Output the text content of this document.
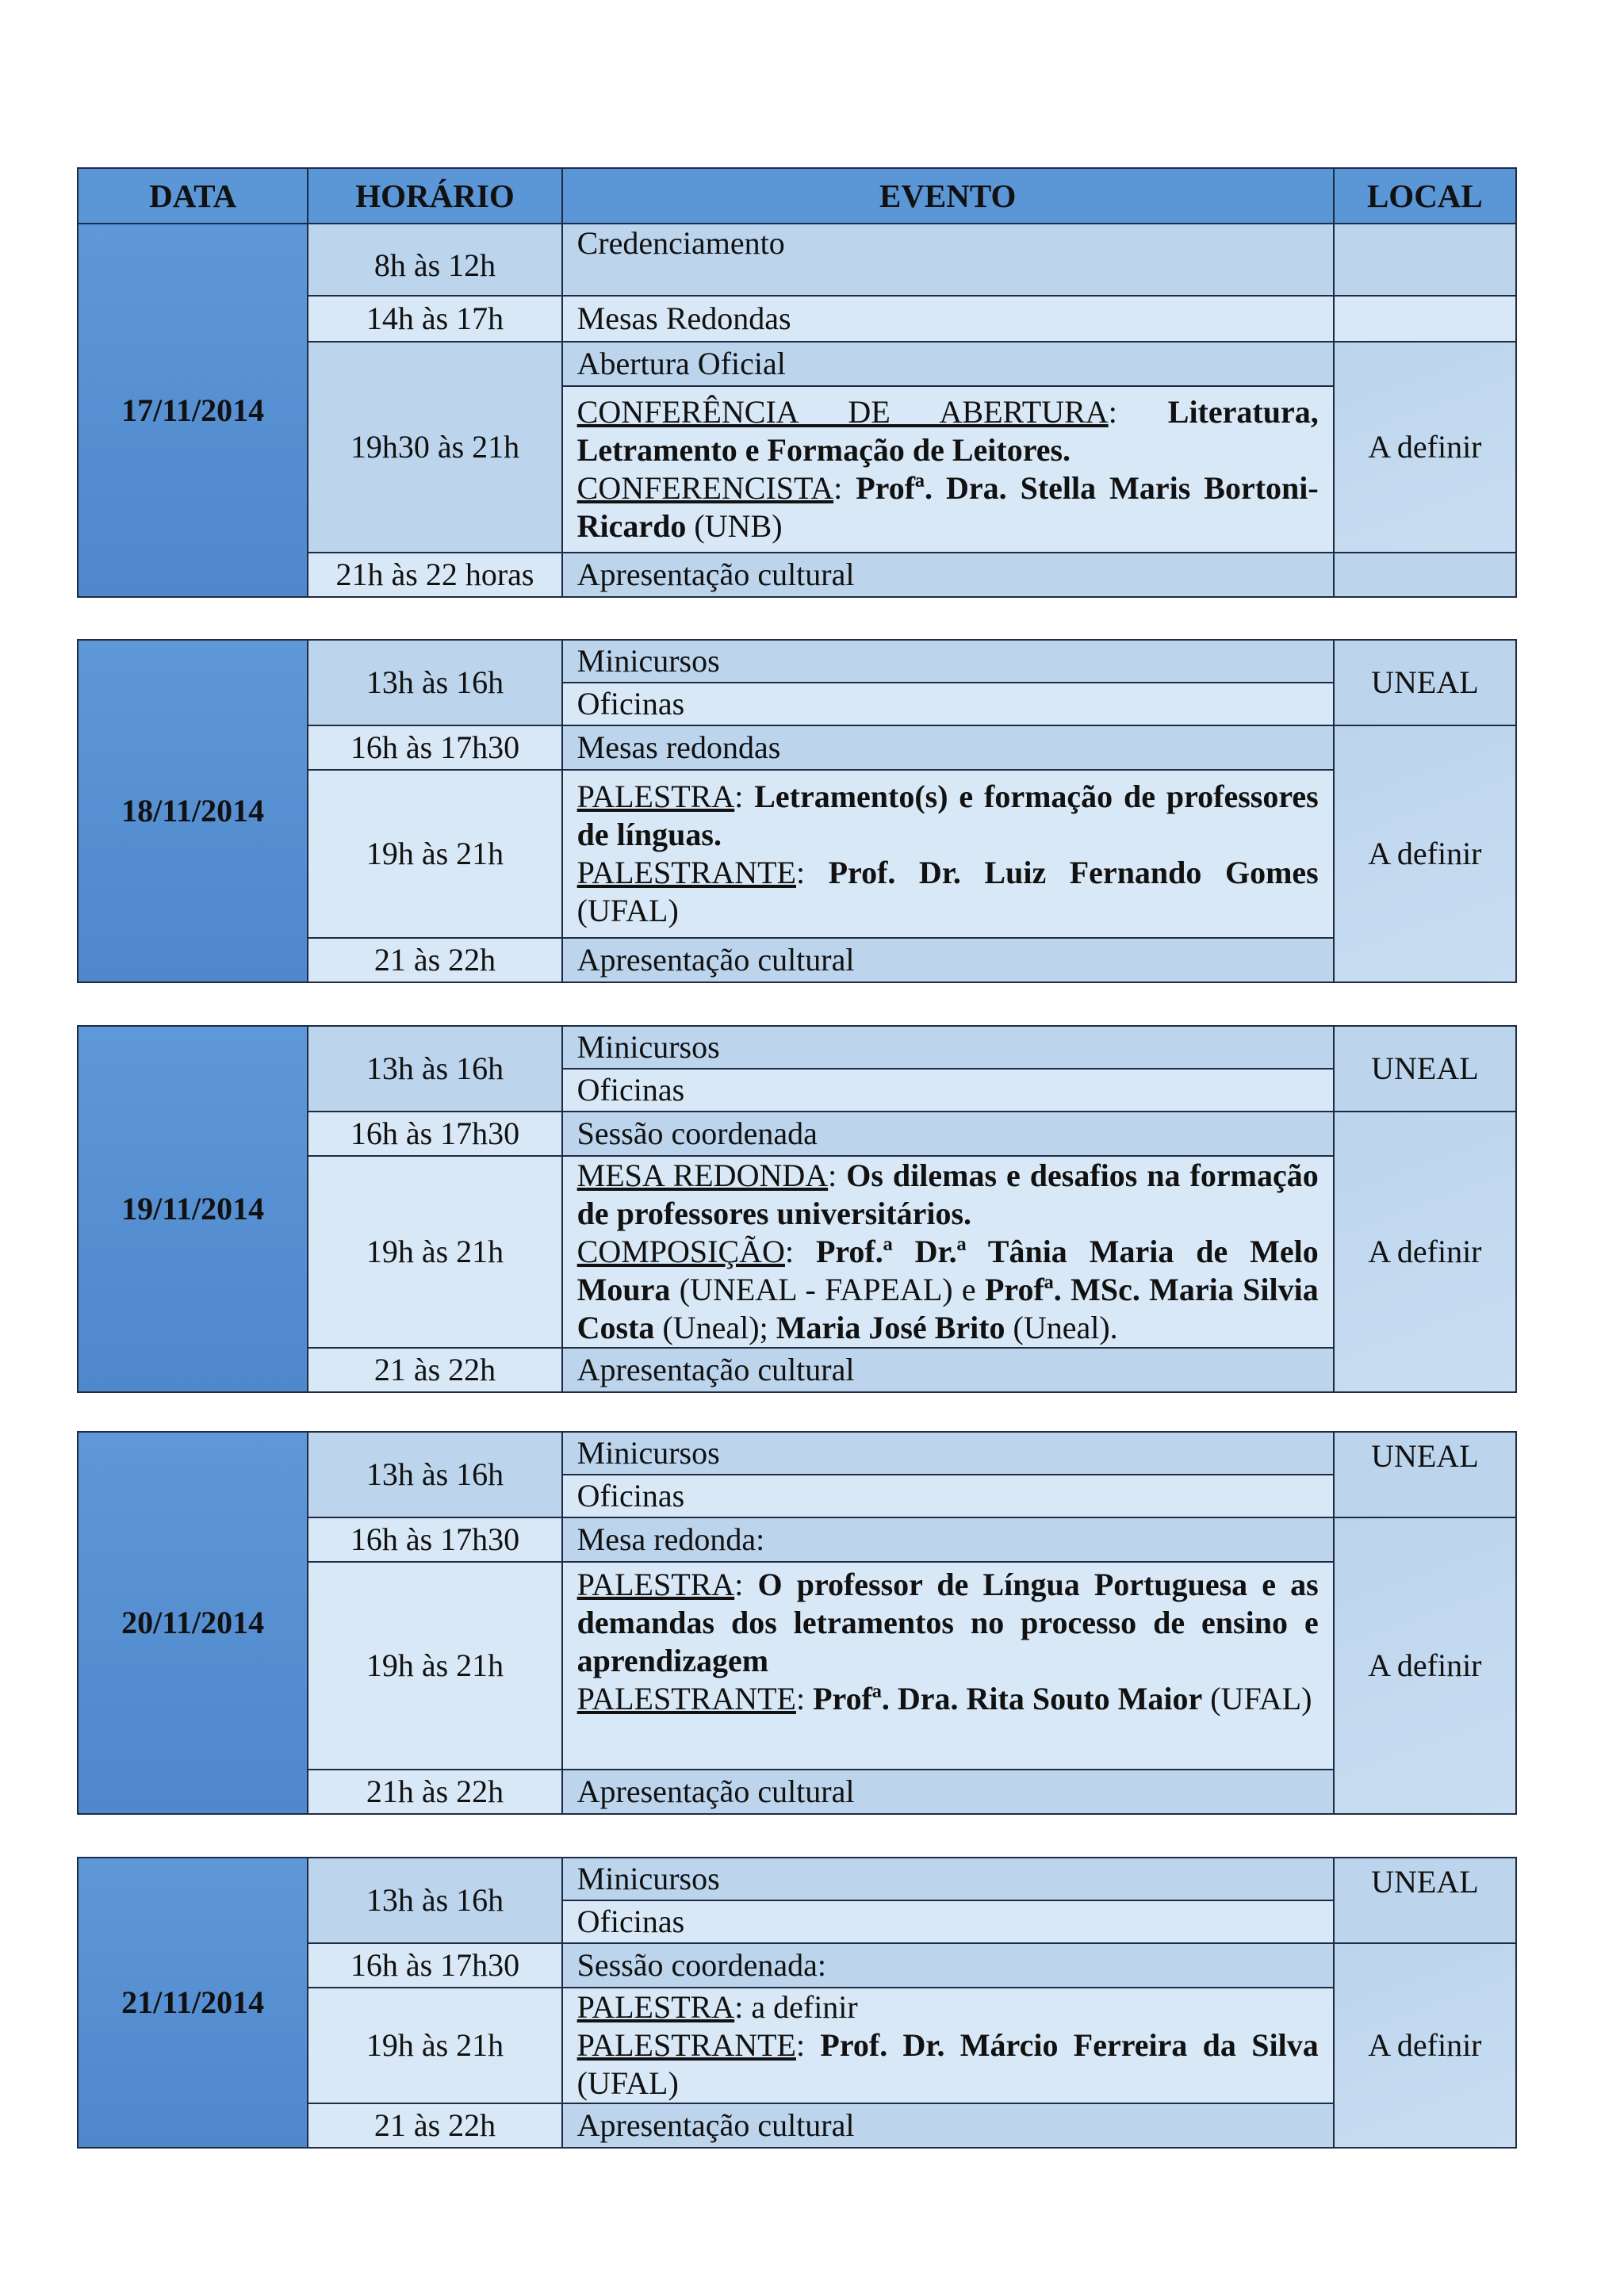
DATA	HORÁRIO	EVENTO	LOCAL
17/11/2014	8h às 12h	Credenciamento	
	14h às 17h	Mesas Redondas	
	19h30 às 21h	Abertura Oficial	A definir

		CONFERÊNCIA DE ABERTURA: Literatura, Letramento e Formação de Leitores.
CONFERENCISTA: Profª. Dra. Stella Maris Bortoni-Ricardo (UNB)	

	21h às 22 horas	Apresentação cultural	
18/11/2014	13h às 16h	Minicursos	UNEAL
		Oficinas	
	16h às 17h30	Mesas redondas	A definir
	19h às 21h	PALESTRA: Letramento(s) e formação de professores de línguas.
PALESTRANTE: Prof. Dr. Luiz Fernando Gomes (UFAL)	

	21 às 22h	Apresentação cultural	
19/11/2014	13h às 16h	Minicursos	UNEAL
		Oficinas	
	16h às 17h30	Sessão coordenada	A definir
	19h às 21h	MESA REDONDA: Os dilemas e desafios na formação de professores universitários.
COMPOSIÇÃO: Prof.ª Dr.ª Tânia Maria de Melo Moura (UNEAL - FAPEAL) e Profª. MSc. Maria Silvia Costa (Uneal); Maria José Brito (Uneal).	

	21 às 22h	Apresentação cultural	
20/11/2014	13h às 16h	Minicursos	UNEAL
		Oficinas	
	16h às 17h30	Mesa redonda:	A definir
	19h às 21h	PALESTRA: O professor de Língua Portuguesa e as demandas dos letramentos no processo de ensino e aprendizagem
PALESTRANTE: Profª. Dra. Rita Souto Maior (UFAL)	

	21h às 22h	Apresentação cultural	
21/11/2014	13h às 16h	Minicursos	UNEAL
		Oficinas	
	16h às 17h30	Sessão coordenada:	A definir
	19h às 21h	PALESTRA: a definir
PALESTRANTE: Prof. Dr. Márcio Ferreira da Silva (UFAL)	

	21 às 22h	Apresentação cultural	
